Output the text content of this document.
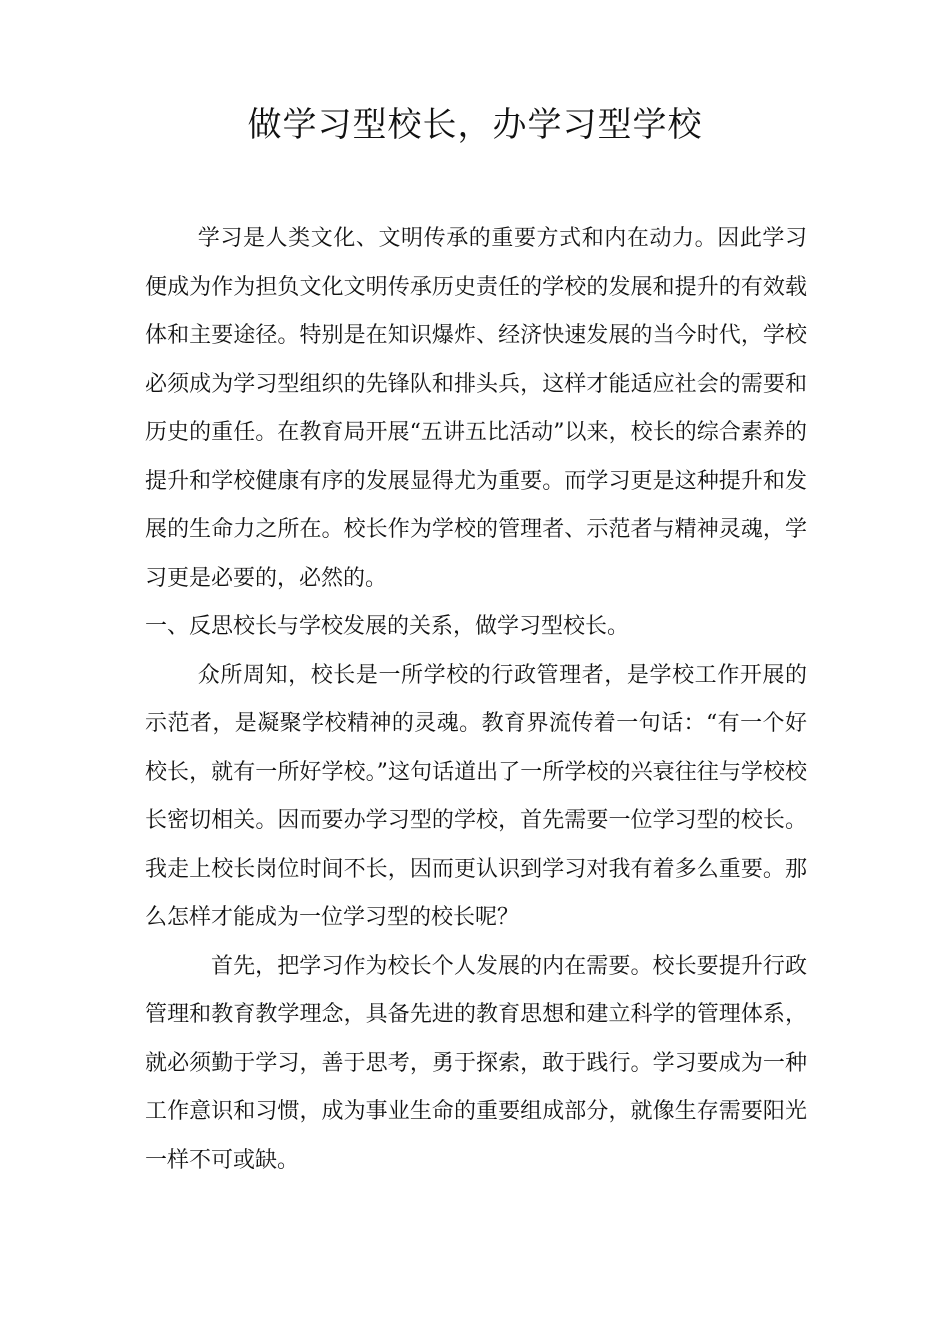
做学习型校长，办学习型学校

学习是人类文化、文明传承的重要方式和内在动力。因此学习便成为作为担负文化文明传承历史责任的学校的发展和提升的有效载体和主要途径。特别是在知识爆炸、经济快速发展的当今时代，学校必须成为学习型组织的先锋队和排头兵，这样才能适应社会的需要和历史的重任。在教育局开展“五讲五比活动”以来，校长的综合素养的提升和学校健康有序的发展显得尤为重要。而学习更是这种提升和发展的生命力之所在。校长作为学校的管理者、示范者与精神灵魂，学习更是必要的，必然的。

一、反思校长与学校发展的关系，做学习型校长。

众所周知，校长是一所学校的行政管理者，是学校工作开展的示范者，是凝聚学校精神的灵魂。教育界流传着一句话：“有一个好校长，就有一所好学校。”这句话道出了一所学校的兴衰往往与学校校长密切相关。因而要办学习型的学校，首先需要一位学习型的校长。我走上校长岗位时间不长，因而更认识到学习对我有着多么重要。那么怎样才能成为一位学习型的校长呢？

首先，把学习作为校长个人发展的内在需要。校长要提升行政管理和教育教学理念，具备先进的教育思想和建立科学的管理体系，就必须勤于学习，善于思考，勇于探索，敢于践行。学习要成为一种工作意识和习惯，成为事业生命的重要组成部分，就像生存需要阳光一样不可或缺。
